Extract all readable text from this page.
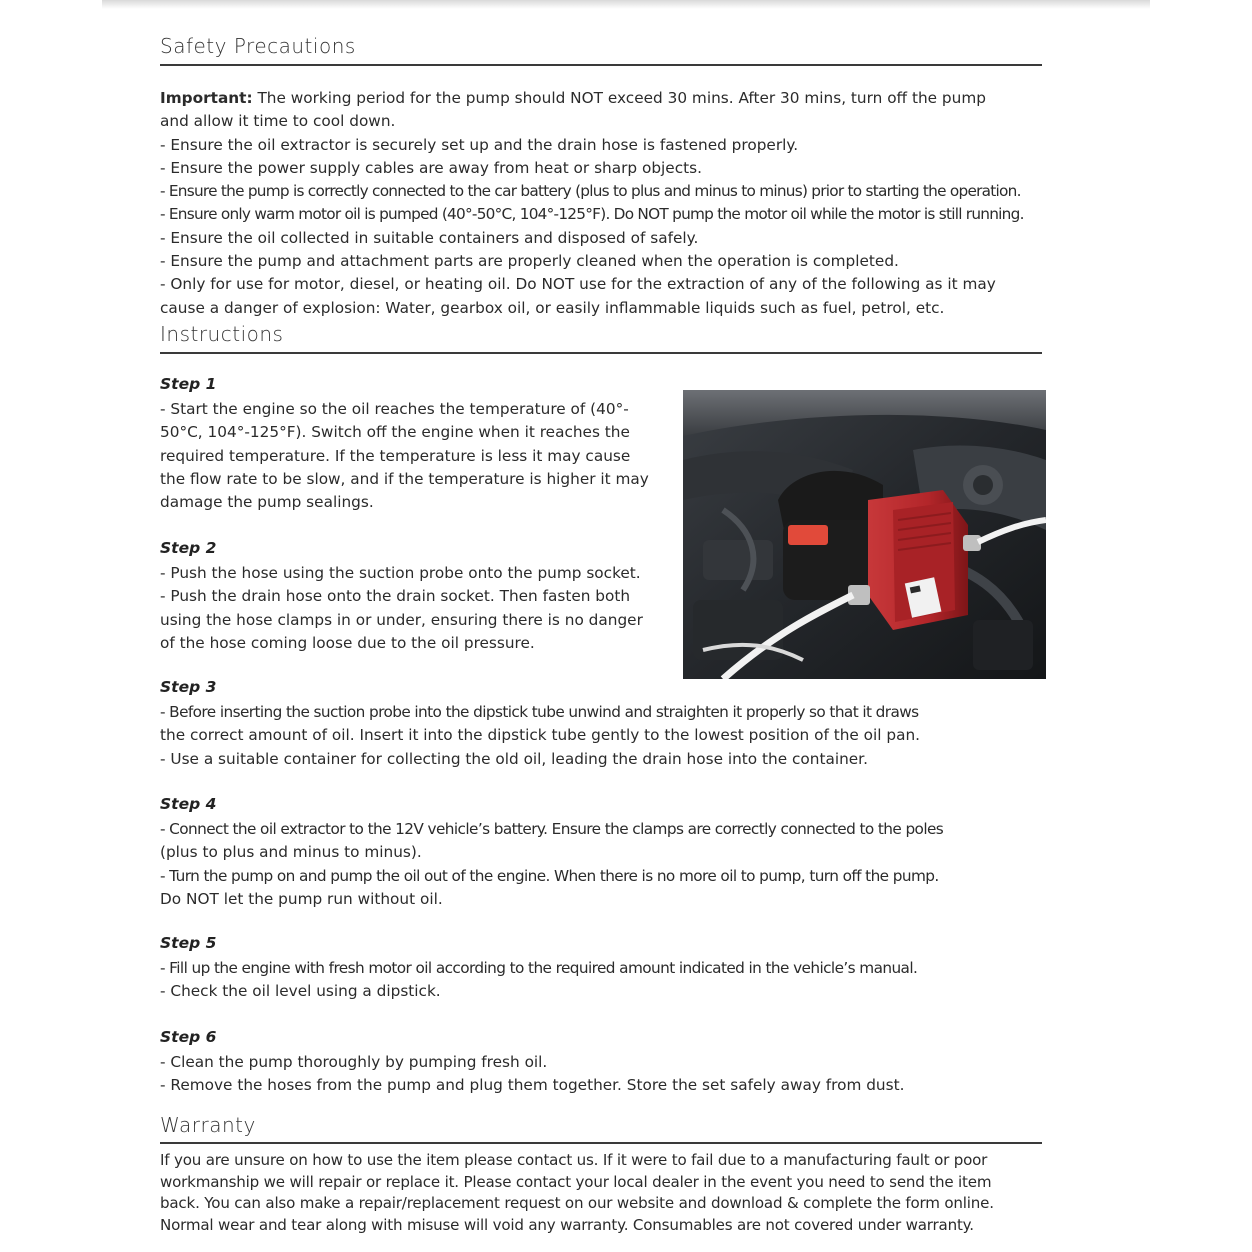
Safety Precautions
Important: The working period for the pump should NOT exceed 30 mins. After 30 mins, turn off the pump
and allow it time to cool down.
- Ensure the oil extractor is securely set up and the drain hose is fastened properly.
- Ensure the power supply cables are away from heat or sharp objects.
- Ensure the pump is correctly connected to the car battery (plus to plus and minus to minus) prior to starting the operation.
- Ensure only warm motor oil is pumped (40°-50°C, 104°-125°F). Do NOT pump the motor oil while the motor is still running.
- Ensure the oil collected in suitable containers and disposed of safely.
- Ensure the pump and attachment parts are properly cleaned when the operation is completed.
- Only for use for motor, diesel, or heating oil. Do NOT use for the extraction of any of the following as it may
cause a danger of explosion: Water, gearbox oil, or easily inflammable liquids such as fuel, petrol, etc.
Instructions
Step 1
- Start the engine so the oil reaches the temperature of (40°-
50°C, 104°-125°F). Switch off the engine when it reaches the
required temperature. If the temperature is less it may cause
the flow rate to be slow, and if the temperature is higher it may
damage the pump sealings.
Step 2
- Push the hose using the suction probe onto the pump socket.
- Push the drain hose onto the drain socket. Then fasten both
using the hose clamps in or under, ensuring there is no danger
of the hose coming loose due to the oil pressure.
Step 3
- Before inserting the suction probe into the dipstick tube unwind and straighten it properly so that it draws
the correct amount of oil. Insert it into the dipstick tube gently to the lowest position of the oil pan.
- Use a suitable container for collecting the old oil, leading the drain hose into the container.
Step 4
- Connect the oil extractor to the 12V vehicle’s battery. Ensure the clamps are correctly connected to the poles
(plus to plus and minus to minus).
- Turn the pump on and pump the oil out of the engine. When there is no more oil to pump, turn off the pump.
Do NOT let the pump run without oil.
Step 5
- Fill up the engine with fresh motor oil according to the required amount indicated in the vehicle’s manual.
- Check the oil level using a dipstick.
Step 6
- Clean the pump thoroughly by pumping fresh oil.
- Remove the hoses from the pump and plug them together. Store the set safely away from dust.
Warranty
If you are unsure on how to use the item please contact us. If it were to fail due to a manufacturing fault or poor
workmanship we will repair or replace it. Please contact your local dealer in the event you need to send the item
back. You can also make a repair/replacement request on our website and download & complete the form online.
Normal wear and tear along with misuse will void any warranty. Consumables are not covered under warranty.
